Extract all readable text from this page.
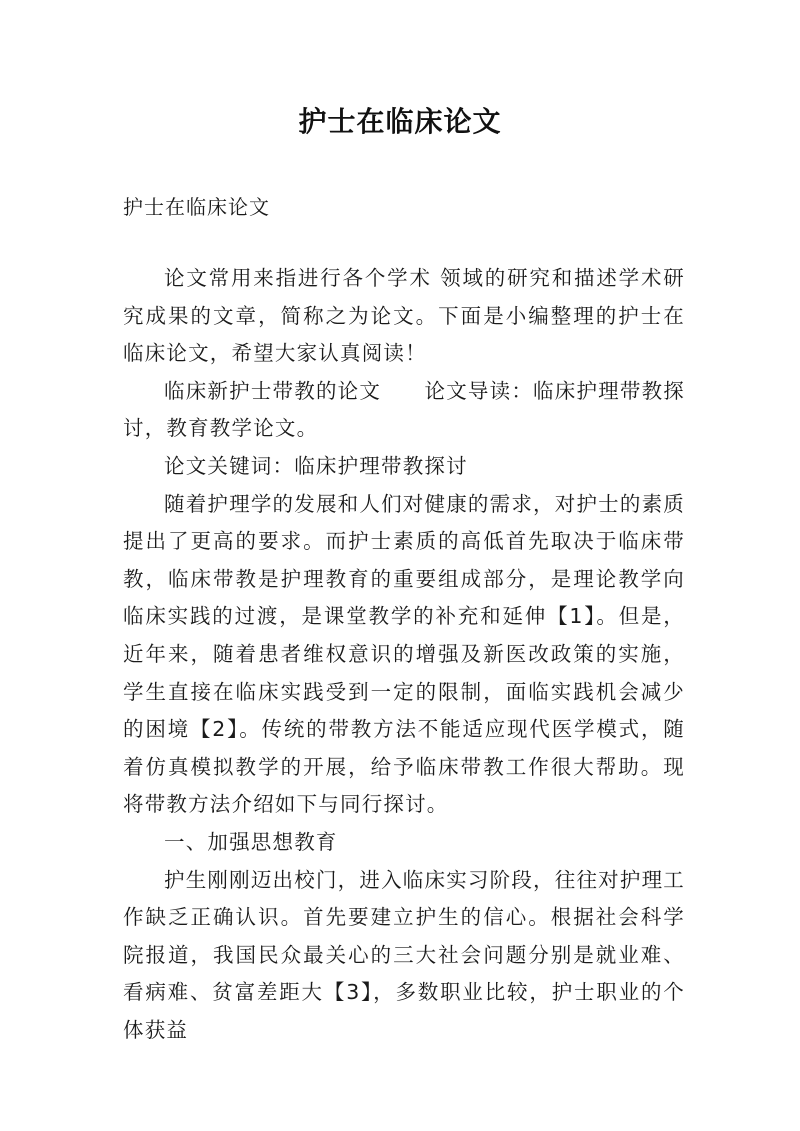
护士在临床论文
护士在临床论文

论文常用来指进行各个学术 领域的研究和描述学术研究成果的文章，简称之为论文。下面是小编整理的护士在临床论文，希望大家认真阅读！

临床新护士带教的论文　　论文导读：临床护理带教探讨，教育教学论文。

论文关键词：临床护理带教探讨

随着护理学的发展和人们对健康的需求，对护士的素质提出了更高的要求。而护士素质的高低首先取决于临床带教，临床带教是护理教育的重要组成部分，是理论教学向临床实践的过渡，是课堂教学的补充和延伸【1】。但是，近年来，随着患者维权意识的增强及新医改政策的实施，学生直接在临床实践受到一定的限制，面临实践机会减少的困境【2】。传统的带教方法不能适应现代医学模式，随着仿真模拟教学的开展，给予临床带教工作很大帮助。现将带教方法介绍如下与同行探讨。

一、加强思想教育

护生刚刚迈出校门，进入临床实习阶段，往往对护理工作缺乏正确认识。首先要建立护生的信心。根据社会科学院报道，我国民众最关心的三大社会问题分别是就业难、看病难、贫富差距大【3】，多数职业比较，护士职业的个体获益
